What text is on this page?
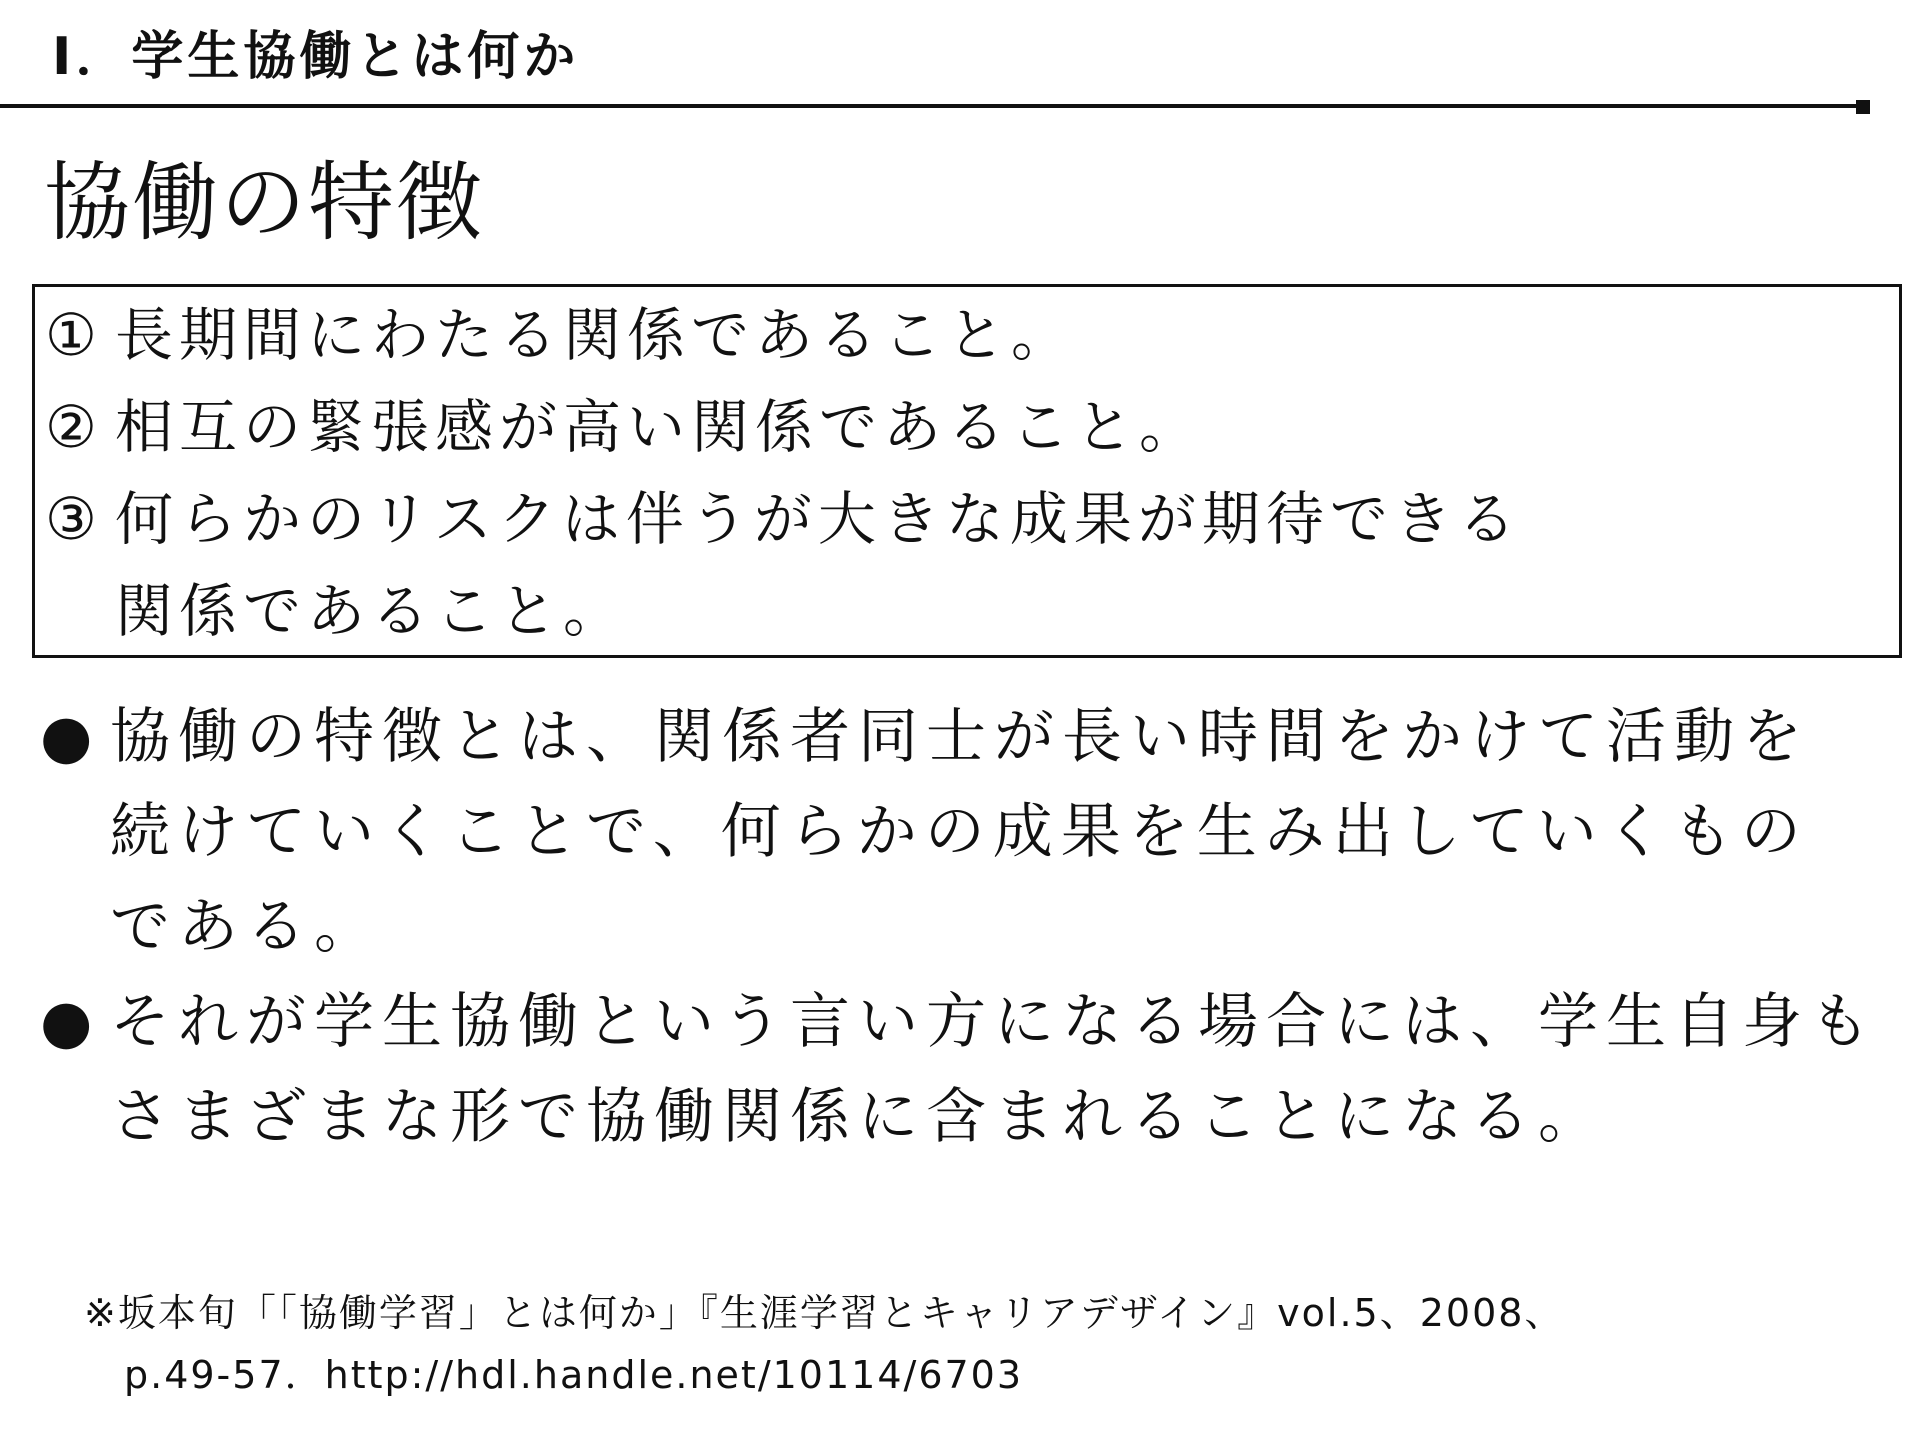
Ⅰ．学生協働とは何か
協働の特徴
① 長期間にわたる関係であること。
② 相互の緊張感が高い関係であること。
③ 何らかのリスクは伴うが大きな成果が期待できる
関係であること。
● 協働の特徴とは、関係者同士が長い時間をかけて活動を
続けていくことで、何らかの成果を生み出していくもの
である。
● それが学生協働という言い方になる場合には、学生自身も
さまざまな形で協働関係に含まれることになる。
※坂本旬「「協働学習」とは何か」『生涯学習とキャリアデザイン』vol.5、2008、
　p.49-57．http://hdl.handle.net/10114/6703
